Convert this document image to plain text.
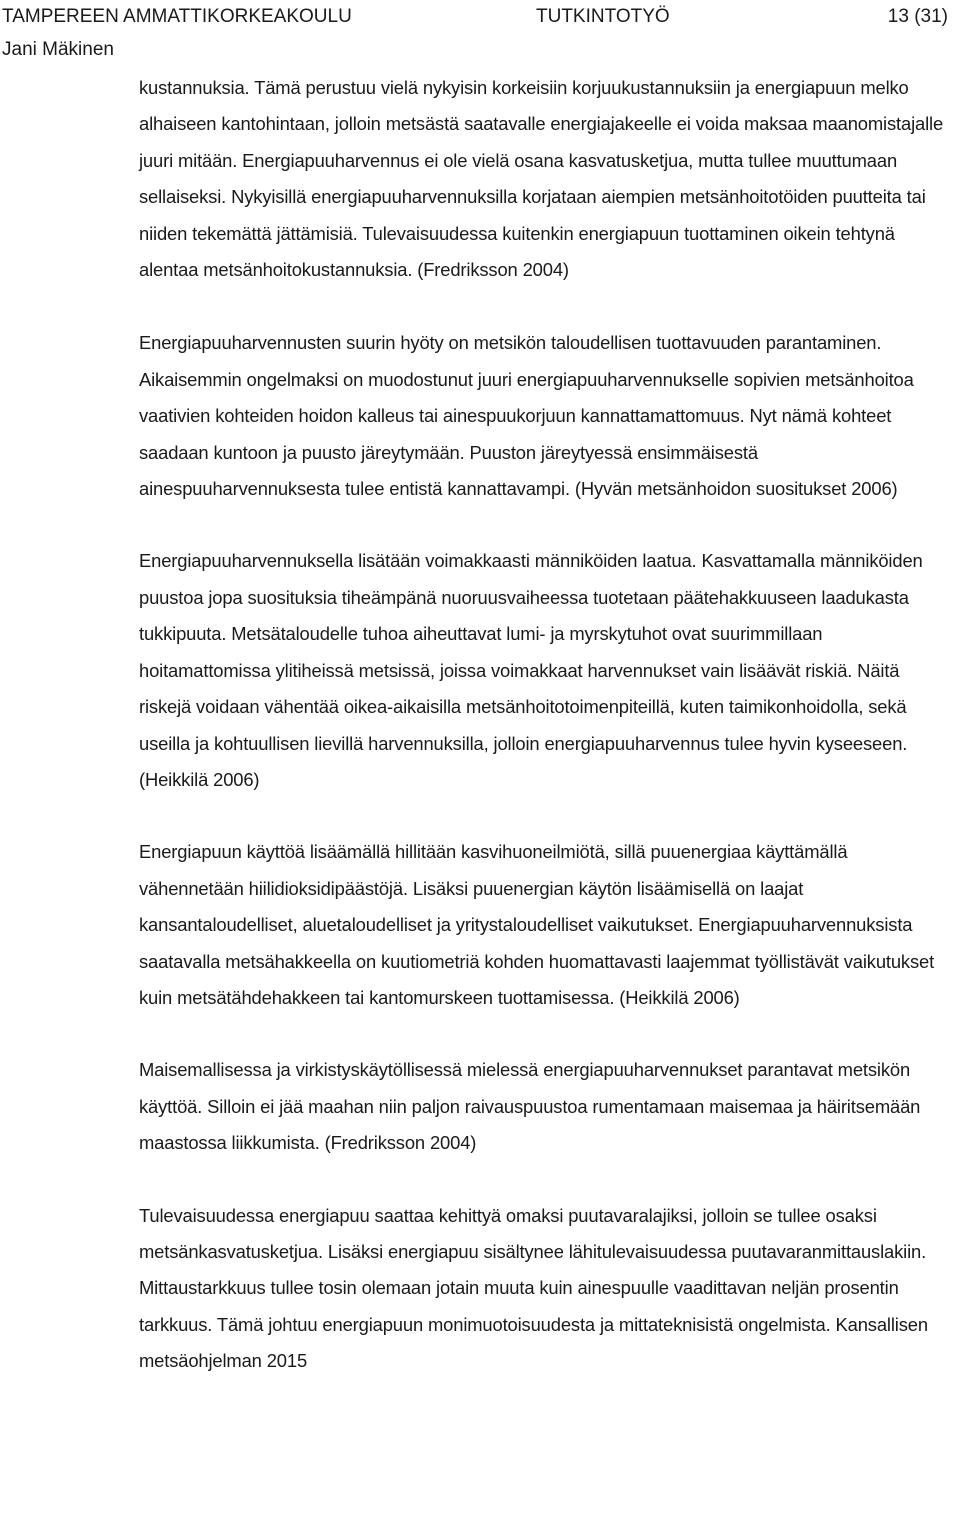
TAMPEREEN AMMATTIKORKEAKOULU	TUTKINTOTYÖ	13 (31)
Jani Mäkinen

kustannuksia. Tämä perustuu vielä nykyisin korkeisiin korjuukustannuksiin ja energiapuun melko alhaiseen kantohintaan, jolloin metsästä saatavalle energiajakeelle ei voida maksaa maanomistajalle juuri mitään. Energiapuuharvennus ei ole vielä osana kasvatusketjua, mutta tullee muuttumaan sellaiseksi. Nykyisillä energiapuuharvennuksilla korjataan aiempien metsänhoitotöiden puutteita tai niiden tekemättä jättämisiä. Tulevaisuudessa kuitenkin energiapuun tuottaminen oikein tehtynä alentaa metsänhoitokustannuksia. (Fredriksson 2004)

Energiapuuharvennusten suurin hyöty on metsikön taloudellisen tuottavuuden parantaminen. Aikaisemmin ongelmaksi on muodostunut juuri energiapuuharvennukselle sopivien metsänhoitoa vaativien kohteiden hoidon kalleus tai ainespuukorjuun kannattamattomuus. Nyt nämä kohteet saadaan kuntoon ja puusto järeytymään. Puuston järeytyessä ensimmäisestä ainespuuharvennuksesta tulee entistä kannattavampi. (Hyvän metsänhoidon suositukset 2006)

Energiapuuharvennuksella lisätään voimakkaasti männiköiden laatua. Kasvattamalla männiköiden puustoa jopa suosituksia tiheämpänä nuoruusvaiheessa tuotetaan päätehakkuuseen laadukasta tukkipuuta. Metsätaloudelle tuhoa aiheuttavat lumi- ja myrskytuhot ovat suurimmillaan hoitamattomissa ylitiheissä metsissä, joissa voimakkaat harvennukset vain lisäävät riskiä. Näitä riskejä voidaan vähentää oikea-aikaisilla metsänhoitotoimenpiteillä, kuten taimikonhoidolla, sekä useilla ja kohtuullisen lievillä harvennuksilla, jolloin energiapuuharvennus tulee hyvin kyseeseen. (Heikkilä 2006)

Energiapuun käyttöä lisäämällä hillitään kasvihuoneilmiötä, sillä puuenergiaa käyttämällä vähennetään hiilidioksidipäästöjä. Lisäksi puuenergian käytön lisäämisellä on laajat kansantaloudelliset, aluetaloudelliset ja yritystaloudelliset vaikutukset. Energiapuuharvennuksista saatavalla metsähakkeella on kuutiometriä kohden huomattavasti laajemmat työllistävät vaikutukset kuin metsätähdehakkeen tai kantomurskeen tuottamisessa. (Heikkilä 2006)

Maisemallisessa ja virkistyskäytöllisessä mielessä energiapuuharvennukset parantavat metsikön käyttöä. Silloin ei jää maahan niin paljon raivauspuustoa rumentamaan maisemaa ja häiritsemään maastossa liikkumista. (Fredriksson 2004)

Tulevaisuudessa energiapuu saattaa kehittyä omaksi puutavaralajiksi, jolloin se tullee osaksi metsänkasvatusketjua. Lisäksi energiapuu sisältynee lähitulevaisuudessa puutavaranmittauslakiin. Mittaustarkkuus tullee tosin olemaan jotain muuta kuin ainespuulle vaadittavan neljän prosentin tarkkuus. Tämä johtuu energiapuun monimuotoisuudesta ja mittateknisistä ongelmista. Kansallisen metsäohjelman 2015
